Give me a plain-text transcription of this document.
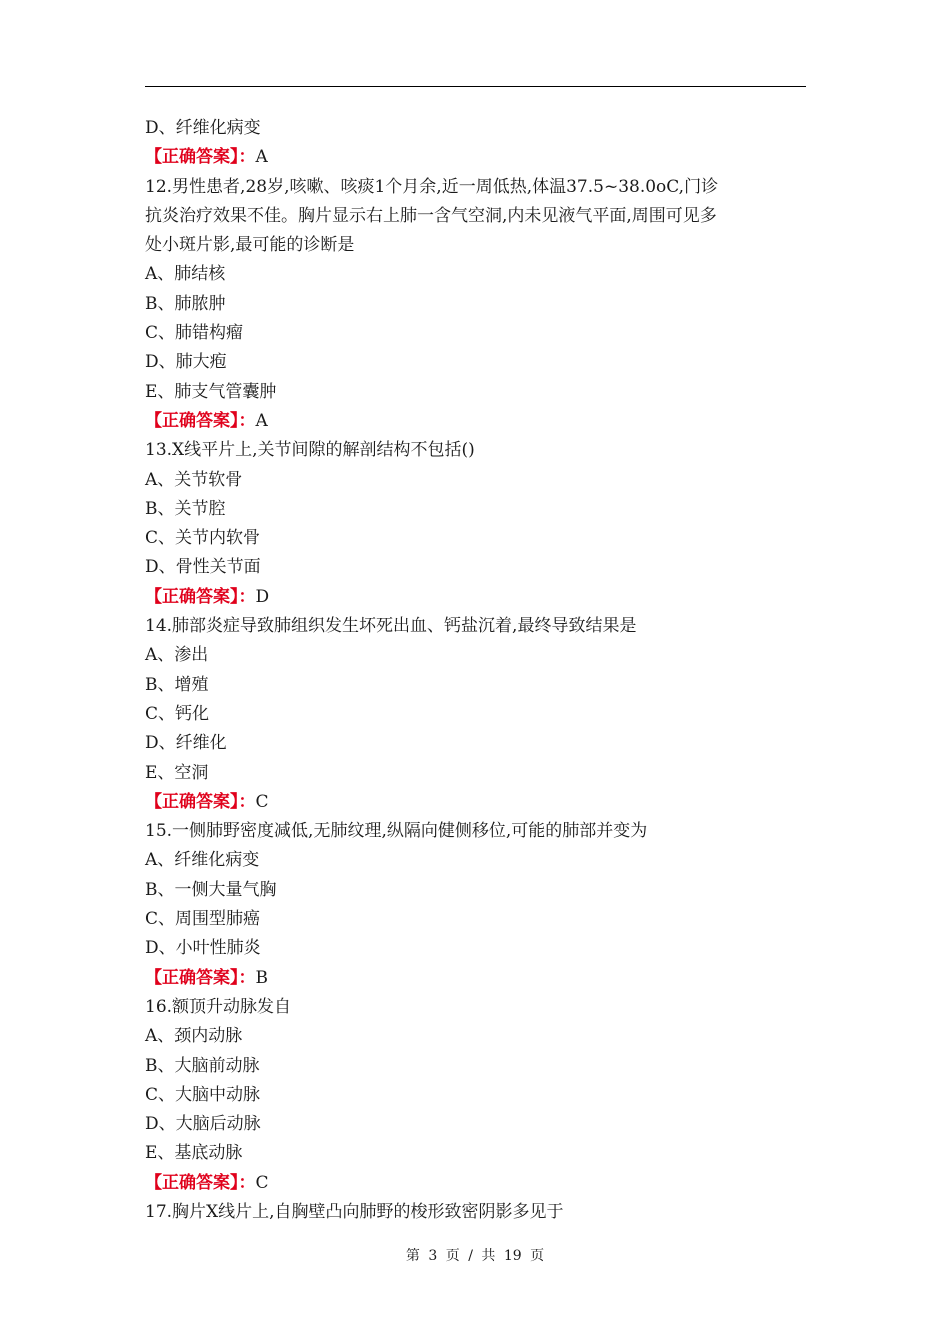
D、纤维化病变
【正确答案】：A
12.男性患者,28岁,咳嗽、咳痰1个月余,近一周低热,体温37.5~38.0oC,门诊
抗炎治疗效果不佳。胸片显示右上肺一含气空洞,内未见液气平面,周围可见多
处小斑片影,最可能的诊断是
A、肺结核
B、肺脓肿
C、肺错构瘤
D、肺大疱
E、肺支气管囊肿
【正确答案】：A
13.X线平片上,关节间隙的解剖结构不包括()
A、关节软骨
B、关节腔
C、关节内软骨
D、骨性关节面
【正确答案】：D
14.肺部炎症导致肺组织发生坏死出血、钙盐沉着,最终导致结果是
A、渗出
B、增殖
C、钙化
D、纤维化
E、空洞
【正确答案】：C
15.一侧肺野密度减低,无肺纹理,纵隔向健侧移位,可能的肺部并变为
A、纤维化病变
B、一侧大量气胸
C、周围型肺癌
D、小叶性肺炎
【正确答案】：B
16.额顶升动脉发自
A、颈内动脉
B、大脑前动脉
C、大脑中动脉
D、大脑后动脉
E、基底动脉
【正确答案】：C
17.胸片X线片上,自胸壁凸向肺野的梭形致密阴影多见于
第 3 页 / 共 19 页
